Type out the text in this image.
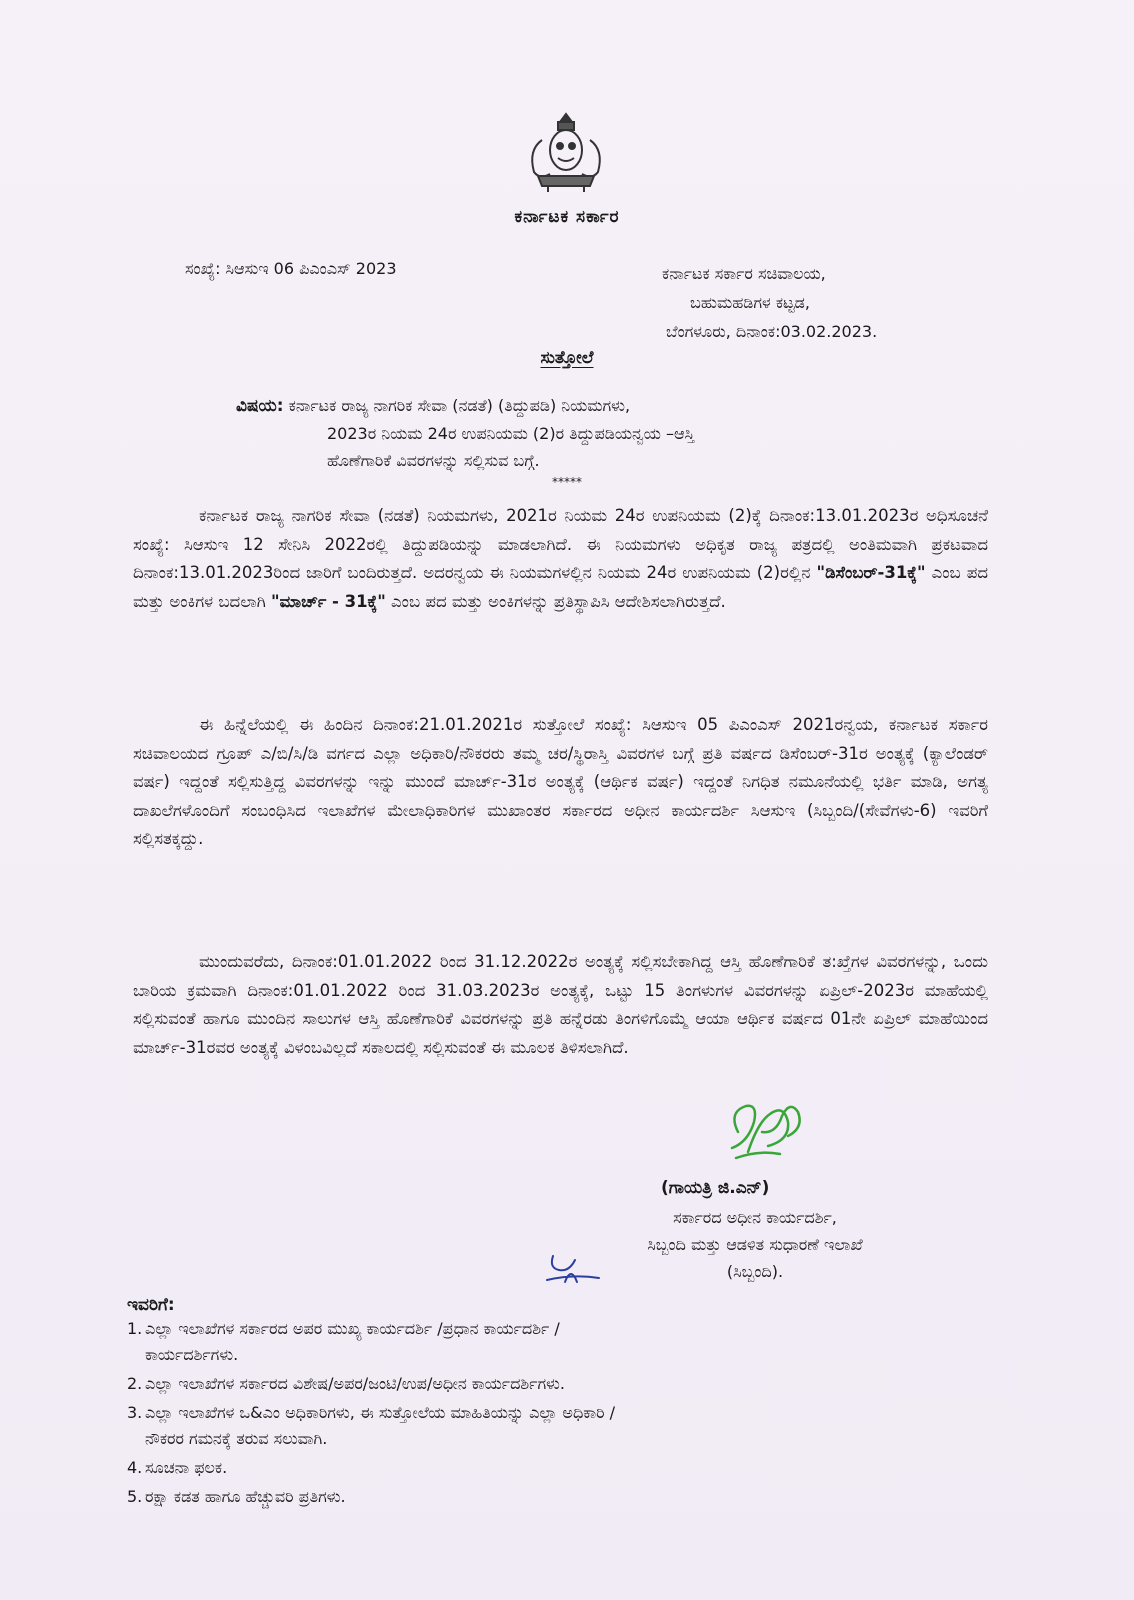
ಕರ್ನಾಟಕ ಸರ್ಕಾರ
ಸಂಖ್ಯೆ: ಸಿಆಸುಇ 06 ಪಿಎಂಎಸ್ 2023	ಕರ್ನಾಟಕ ಸರ್ಕಾರ ಸಚಿವಾಲಯ,
ಬಹುಮಹಡಿಗಳ ಕಟ್ಟಡ,
ಬೆಂಗಳೂರು, ದಿನಾಂಕ:03.02.2023.
ಸುತ್ತೋಲೆ
ವಿಷಯ: ಕರ್ನಾಟಕ ರಾಜ್ಯ ನಾಗರಿಕ ಸೇವಾ (ನಡತೆ) (ತಿದ್ದುಪಡಿ) ನಿಯಮಗಳು,
2023ರ ನಿಯಮ 24ರ ಉಪನಿಯಮ (2)ರ ತಿದ್ದುಪಡಿಯನ್ವಯ –ಆಸ್ತಿ
ಹೊಣೆಗಾರಿಕೆ ವಿವರಗಳನ್ನು ಸಲ್ಲಿಸುವ ಬಗ್ಗೆ.
*****
ಕರ್ನಾಟಕ ರಾಜ್ಯ ನಾಗರಿಕ ಸೇವಾ (ನಡತೆ) ನಿಯಮಗಳು, 2021ರ ನಿಯಮ 24ರ ಉಪನಿಯಮ (2)ಕ್ಕೆ ದಿನಾಂಕ:13.01.2023ರ ಅಧಿಸೂಚನೆ ಸಂಖ್ಯೆ: ಸಿಆಸುಇ 12 ಸೇನಿಸಿ 2022ರಲ್ಲಿ ತಿದ್ದುಪಡಿಯನ್ನು ಮಾಡಲಾಗಿದೆ. ಈ ನಿಯಮಗಳು ಅಧಿಕೃತ ರಾಜ್ಯ ಪತ್ರದಲ್ಲಿ ಅಂತಿಮವಾಗಿ ಪ್ರಕಟವಾದ ದಿನಾಂಕ:13.01.2023ರಿಂದ ಜಾರಿಗೆ ಬಂದಿರುತ್ತದೆ. ಅದರನ್ವಯ ಈ ನಿಯಮಗಳಲ್ಲಿನ ನಿಯಮ 24ರ ಉಪನಿಯಮ (2)ರಲ್ಲಿನ "ಡಿಸೆಂಬರ್-31ಕ್ಕೆ" ಎಂಬ ಪದ ಮತ್ತು ಅಂಕಿಗಳ ಬದಲಾಗಿ "ಮಾರ್ಚ್ - 31ಕ್ಕೆ" ಎಂಬ ಪದ ಮತ್ತು ಅಂಕಿಗಳನ್ನು ಪ್ರತಿಸ್ಥಾಪಿಸಿ ಆದೇಶಿಸಲಾಗಿರುತ್ತದೆ.
ಈ ಹಿನ್ನೆಲೆಯಲ್ಲಿ ಈ ಹಿಂದಿನ ದಿನಾಂಕ:21.01.2021ರ ಸುತ್ತೋಲೆ ಸಂಖ್ಯೆ: ಸಿಆಸುಇ 05 ಪಿಎಂಎಸ್ 2021ರನ್ವಯ, ಕರ್ನಾಟಕ ಸರ್ಕಾರ ಸಚಿವಾಲಯದ ಗ್ರೂಪ್ ಎ/ಬಿ/ಸಿ/ಡಿ ವರ್ಗದ ಎಲ್ಲಾ ಅಧಿಕಾರಿ/ನೌಕರರು ತಮ್ಮ ಚರ/ಸ್ಥಿರಾಸ್ತಿ ವಿವರಗಳ ಬಗ್ಗೆ ಪ್ರತಿ ವರ್ಷದ ಡಿಸೆಂಬರ್-31ರ ಅಂತ್ಯಕ್ಕೆ (ಕ್ಯಾಲೆಂಡರ್ ವರ್ಷ) ಇದ್ದಂತೆ ಸಲ್ಲಿಸುತ್ತಿದ್ದ ವಿವರಗಳನ್ನು ಇನ್ನು ಮುಂದೆ ಮಾರ್ಚ್-31ರ ಅಂತ್ಯಕ್ಕೆ (ಆರ್ಥಿಕ ವರ್ಷ) ಇದ್ದಂತೆ ನಿಗಧಿತ ನಮೂನೆಯಲ್ಲಿ ಭರ್ತಿ ಮಾಡಿ, ಅಗತ್ಯ ದಾಖಲೆಗಳೊಂದಿಗೆ ಸಂಬಂಧಿಸಿದ ಇಲಾಖೆಗಳ ಮೇಲಾಧಿಕಾರಿಗಳ ಮುಖಾಂತರ ಸರ್ಕಾರದ ಅಧೀನ ಕಾರ್ಯದರ್ಶಿ ಸಿಆಸುಇ (ಸಿಬ್ಬಂದಿ/(ಸೇವೆಗಳು-6) ಇವರಿಗೆ ಸಲ್ಲಿಸತಕ್ಕದ್ದು.
ಮುಂದುವರೆದು, ದಿನಾಂಕ:01.01.2022 ರಿಂದ 31.12.2022ರ ಅಂತ್ಯಕ್ಕೆ ಸಲ್ಲಿಸಬೇಕಾಗಿದ್ದ ಆಸ್ತಿ ಹೊಣೆಗಾರಿಕೆ ತ:ಖ್ತೆಗಳ ವಿವರಗಳನ್ನು, ಒಂದು ಬಾರಿಯ ಕ್ರಮವಾಗಿ ದಿನಾಂಕ:01.01.2022 ರಿಂದ 31.03.2023ರ ಅಂತ್ಯಕ್ಕೆ, ಒಟ್ಟು 15 ತಿಂಗಳುಗಳ ವಿವರಗಳನ್ನು ಏಪ್ರಿಲ್-2023ರ ಮಾಹೆಯಲ್ಲಿ ಸಲ್ಲಿಸುವಂತೆ ಹಾಗೂ ಮುಂದಿನ ಸಾಲುಗಳ ಆಸ್ತಿ ಹೊಣೆಗಾರಿಕೆ ವಿವರಗಳನ್ನು ಪ್ರತಿ ಹನ್ನೆರಡು ತಿಂಗಳಿಗೊಮ್ಮೆ ಆಯಾ ಆರ್ಥಿಕ ವರ್ಷದ 01ನೇ ಏಪ್ರಿಲ್ ಮಾಹೆಯಿಂದ ಮಾರ್ಚ್-31ರವರ ಅಂತ್ಯಕ್ಕೆ ವಿಳಂಬವಿಲ್ಲದೆ ಸಕಾಲದಲ್ಲಿ ಸಲ್ಲಿಸುವಂತೆ ಈ ಮೂಲಕ ತಿಳಿಸಲಾಗಿದೆ.
(ಗಾಯತ್ರಿ ಜಿ.ಎನ್)
ಸರ್ಕಾರದ ಅಧೀನ ಕಾರ್ಯದರ್ಶಿ,
ಸಿಬ್ಬಂದಿ ಮತ್ತು ಆಡಳಿತ ಸುಧಾರಣೆ ಇಲಾಖೆ
(ಸಿಬ್ಬಂದಿ).
ಇವರಿಗೆ:
1. ಎಲ್ಲಾ ಇಲಾಖೆಗಳ ಸರ್ಕಾರದ ಅಪರ ಮುಖ್ಯ ಕಾರ್ಯದರ್ಶಿ /ಪ್ರಧಾನ ಕಾರ್ಯದರ್ಶಿ /
ಕಾರ್ಯದರ್ಶಿಗಳು.
2. ಎಲ್ಲಾ ಇಲಾಖೆಗಳ ಸರ್ಕಾರದ ವಿಶೇಷ/ಅಪರ/ಜಂಟಿ/ಉಪ/ಅಧೀನ ಕಾರ್ಯದರ್ಶಿಗಳು.
3. ಎಲ್ಲಾ ಇಲಾಖೆಗಳ ಒ&ಎಂ ಅಧಿಕಾರಿಗಳು, ಈ ಸುತ್ತೋಲೆಯ ಮಾಹಿತಿಯನ್ನು ಎಲ್ಲಾ ಅಧಿಕಾರಿ /
ನೌಕರರ ಗಮನಕ್ಕೆ ತರುವ ಸಲುವಾಗಿ.
4. ಸೂಚನಾ ಫಲಕ.
5. ರಕ್ಷಾ ಕಡತ ಹಾಗೂ ಹೆಚ್ಚುವರಿ ಪ್ರತಿಗಳು.
